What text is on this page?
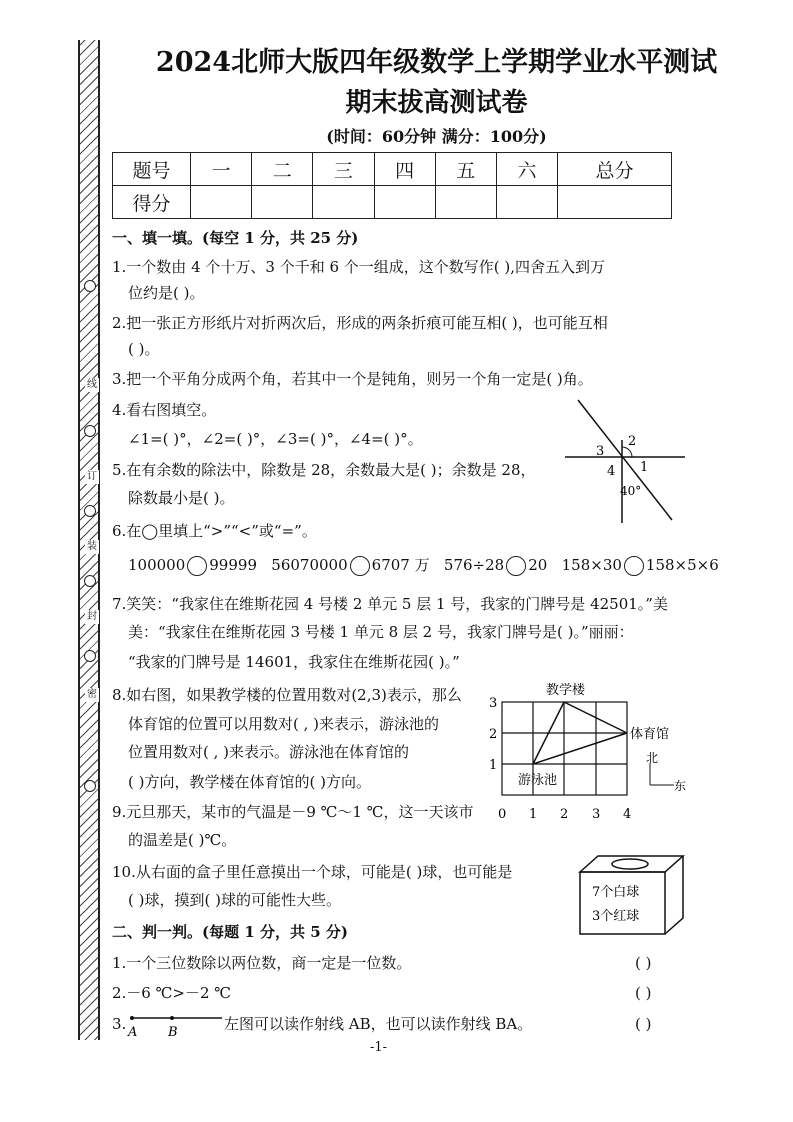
线
订
装
封
密
2024北师大版四年级数学上学期学业水平测试
期末拔高测试卷
(时间：60分钟 满分：100分)
题号	一	二	三	四	五	六	总分
得分							
一、填一填。(每空 1 分，共 25 分)
1.一个数由 4 个十万、3 个千和 6 个一组成，这个数写作( ),四舍五入到万
位约是( )。
2.把一张正方形纸片对折两次后，形成的两条折痕可能互相( )，也可能互相
( )。
3.把一个平角分成两个角，若其中一个是钝角，则另一个角一定是( )角。
4.看右图填空。
∠1=( )°，∠2=( )°，∠3=( )°，∠4=( )°。
5.在有余数的除法中，除数是 28，余数最大是( )；余数是 28，
除数最小是( )。
6.在◯里填上“>”“<”或“=”。
100000 99999 56070000 6707 万 576÷28 20 158×30 158×5×6
7.笑笑：“我家住在维斯花园 4 号楼 2 单元 5 层 1 号，我家的门牌号是 42501。”美
美：“我家住在维斯花园 3 号楼 1 单元 8 层 2 号，我家门牌号是( )。”丽丽：
“我家的门牌号是 14601，我家住在维斯花园( )。”
8.如右图，如果教学楼的位置用数对(2,3)表示，那么
体育馆的位置可以用数对( , )来表示，游泳池的
位置用数对( , )来表示。游泳池在体育馆的
( )方向，教学楼在体育馆的( )方向。
9.元旦那天，某市的气温是－9 ℃～1 ℃，这一天该市
的温差是( )℃。
10.从右面的盒子里任意摸出一个球，可能是( )球，也可能是
( )球，摸到( )球的可能性大些。
3
2
4 1
40°
教学楼
体育馆
游泳池
0 1 2 3 4
1
2
3
北
东
7个白球
3个红球
二、判一判。(每题 1 分，共 5 分)
1.一个三位数除以两位数，商一定是一位数。	( )
2.－6 ℃>－2 ℃	( )
3. A B	左图可以读作射线 AB，也可以读作射线 BA。	( )
-1-
